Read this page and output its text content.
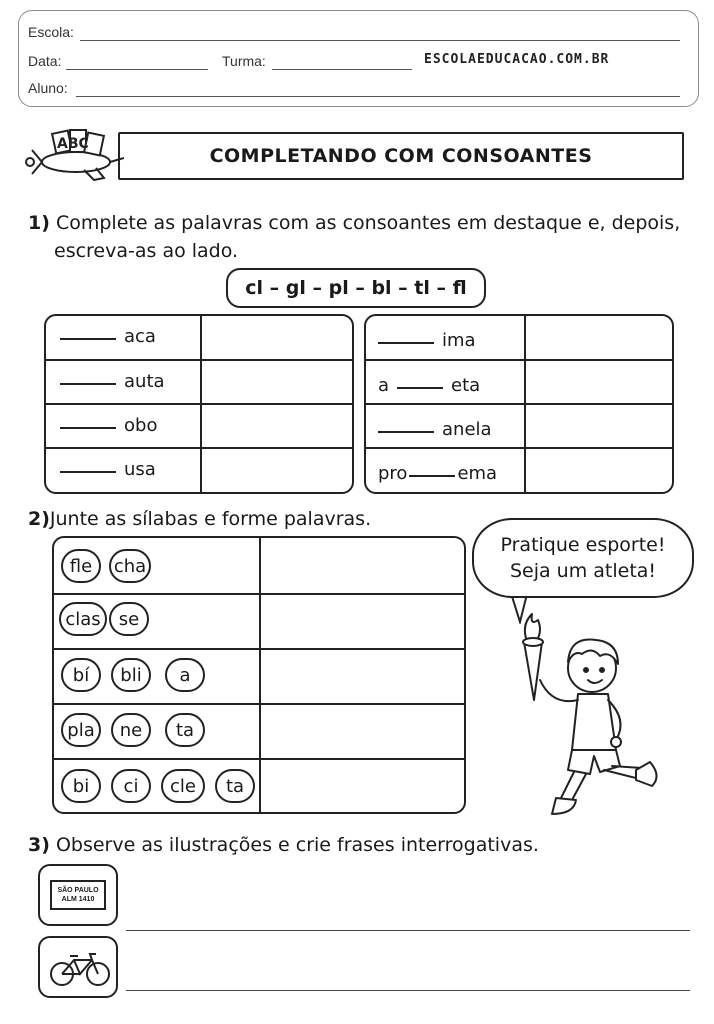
Escola:
Data:	Turma:	ESCOLAEDUCACAO.COM.BR
Aluno:
ABC
COMPLETANDO COM CONSOANTES
1) Complete as palavras com as consoantes em destaque e, depois,
escreva-as ao lado.
cl – gl – pl – bl – tl – fl
aca
auta
obo
usa
ima
a	eta
anela
pro	ema
2)Junte as sílabas e forme palavras.
fle	cha
clas	se
bí	bli	a
pla	ne	ta
bi	ci	cle	ta
Pratique esporte!
Seja um atleta!
3) Observe as ilustrações e crie frases interrogativas.
SÃO PAULO
ALM 1410
